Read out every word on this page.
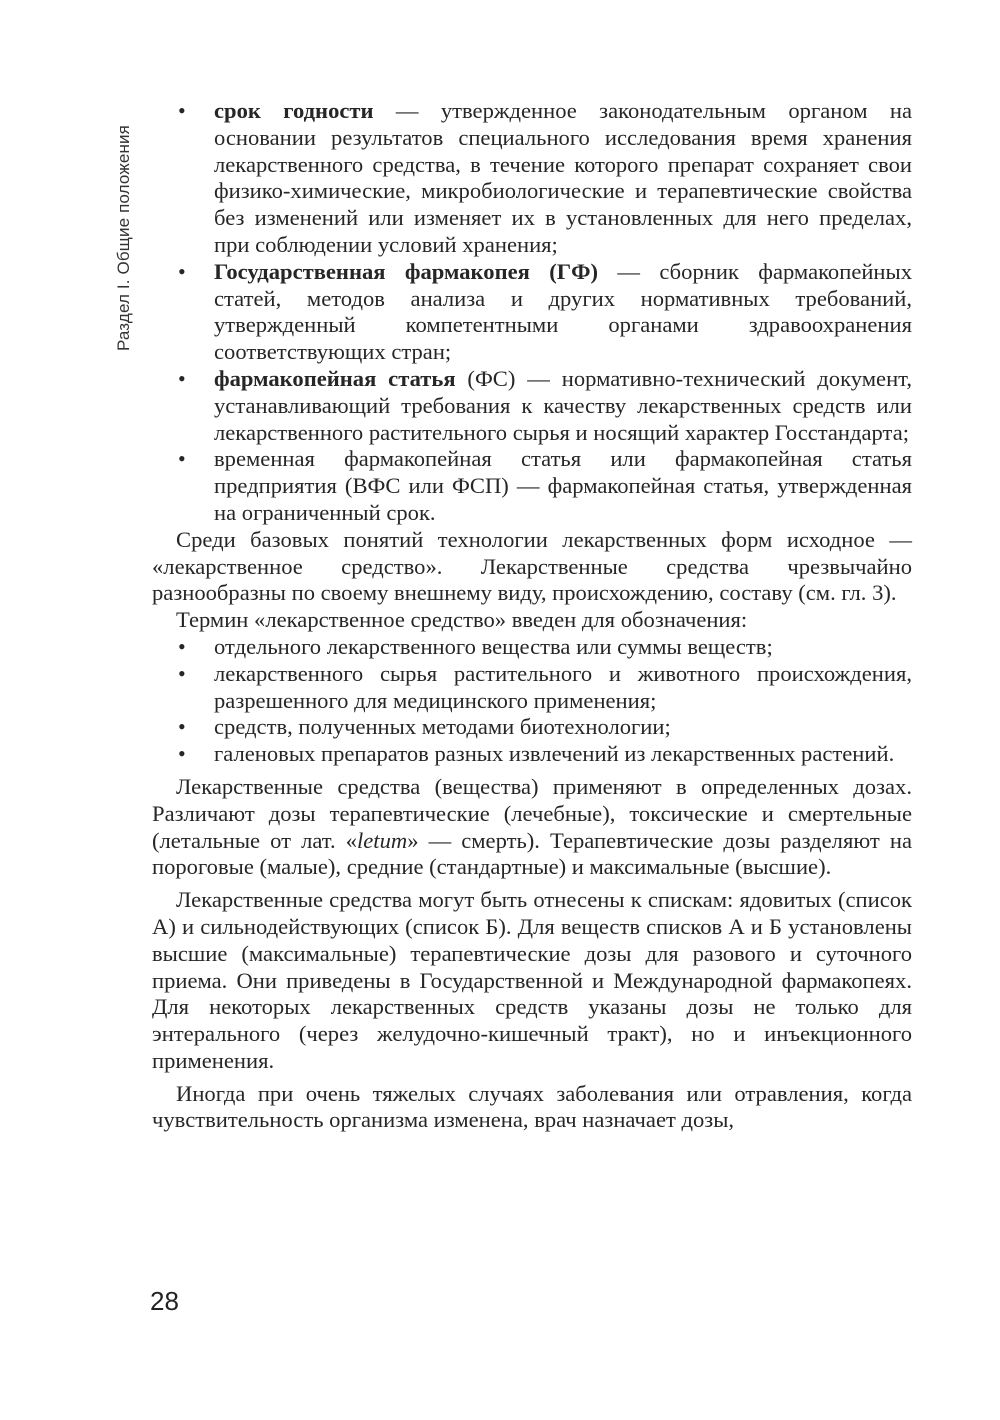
Раздел I. Общие положения
• срок годности — утвержденное законодательным органом на основании результатов специального исследования время хранения лекарственного средства, в течение которого препарат сохраняет свои физико-химические, микробиологические и терапевтические свойства без изменений или изменяет их в установленных для него пределах, при соблюдении условий хранения;
• Государственная фармакопея (ГФ) — сборник фармакопейных статей, методов анализа и других нормативных требований, утвержденный компетентными органами здравоохранения соответствующих стран;
• фармакопейная статья (ФС) — нормативно-технический документ, устанавливающий требования к качеству лекарственных средств или лекарственного растительного сырья и носящий характер Госстандарта;
• временная фармакопейная статья или фармакопейная статья предприятия (ВФС или ФСП) — фармакопейная статья, утвержденная на ограниченный срок.

Среди базовых понятий технологии лекарственных форм исходное — «лекарственное средство». Лекарственные средства чрезвычайно разнообразны по своему внешнему виду, происхождению, составу (см. гл. 3).

Термин «лекарственное средство» введен для обозначения:

• отдельного лекарственного вещества или суммы веществ;
• лекарственного сырья растительного и животного происхождения, разрешенного для медицинского применения;
• средств, полученных методами биотехнологии;
• галеновых препаратов разных извлечений из лекарственных растений.

Лекарственные средства (вещества) применяют в определенных дозах. Различают дозы терапевтические (лечебные), токсические и смертельные (летальные от лат. «letum» — смерть). Терапевтические дозы разделяют на пороговые (малые), средние (стандартные) и максимальные (высшие).

Лекарственные средства могут быть отнесены к спискам: ядовитых (список А) и сильнодействующих (список Б). Для веществ списков А и Б установлены высшие (максимальные) терапевтические дозы для разового и суточного приема. Они приведены в Государственной и Международной фармакопеях. Для некоторых лекарственных средств указаны дозы не только для энтерального (через желудочно-кишечный тракт), но и инъекционного применения.

Иногда при очень тяжелых случаях заболевания или отравления, когда чувствительность организма изменена, врач назначает дозы,

28
